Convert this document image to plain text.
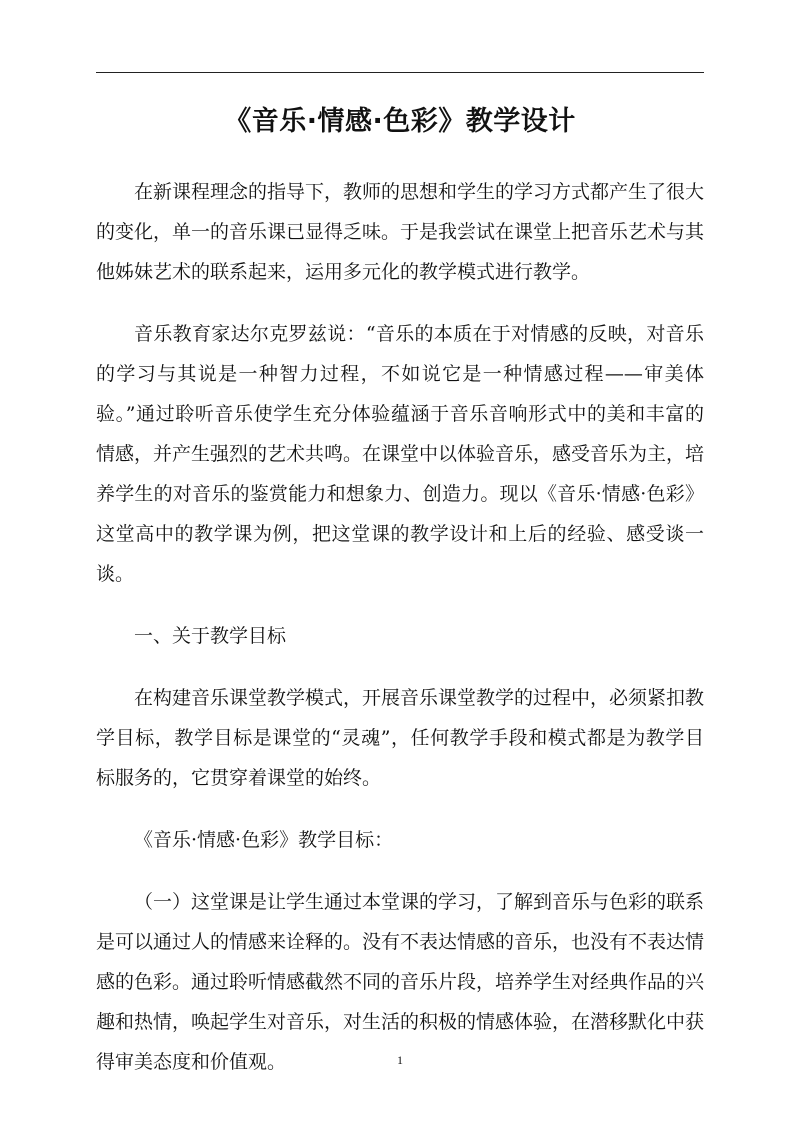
《音乐·情感·色彩》教学设计

在新课程理念的指导下，教师的思想和学生的学习方式都产生了很大的变化，单一的音乐课已显得乏味。于是我尝试在课堂上把音乐艺术与其他姊妹艺术的联系起来，运用多元化的教学模式进行教学。

音乐教育家达尔克罗兹说：“音乐的本质在于对情感的反映，对音乐的学习与其说是一种智力过程，不如说它是一种情感过程——审美体验。”通过聆听音乐使学生充分体验蕴涵于音乐音响形式中的美和丰富的情感，并产生强烈的艺术共鸣。在课堂中以体验音乐，感受音乐为主，培养学生的对音乐的鉴赏能力和想象力、创造力。现以《音乐·情感·色彩》这堂高中的教学课为例，把这堂课的教学设计和上后的经验、感受谈一谈。

一、关于教学目标

在构建音乐课堂教学模式，开展音乐课堂教学的过程中，必须紧扣教学目标，教学目标是课堂的“灵魂”，任何教学手段和模式都是为教学目标服务的，它贯穿着课堂的始终。

《音乐·情感·色彩》教学目标：

（一）这堂课是让学生通过本堂课的学习，了解到音乐与色彩的联系是可以通过人的情感来诠释的。没有不表达情感的音乐，也没有不表达情感的色彩。通过聆听情感截然不同的音乐片段，培养学生对经典作品的兴趣和热情，唤起学生对音乐，对生活的积极的情感体验，在潜移默化中获得审美态度和价值观。	1
